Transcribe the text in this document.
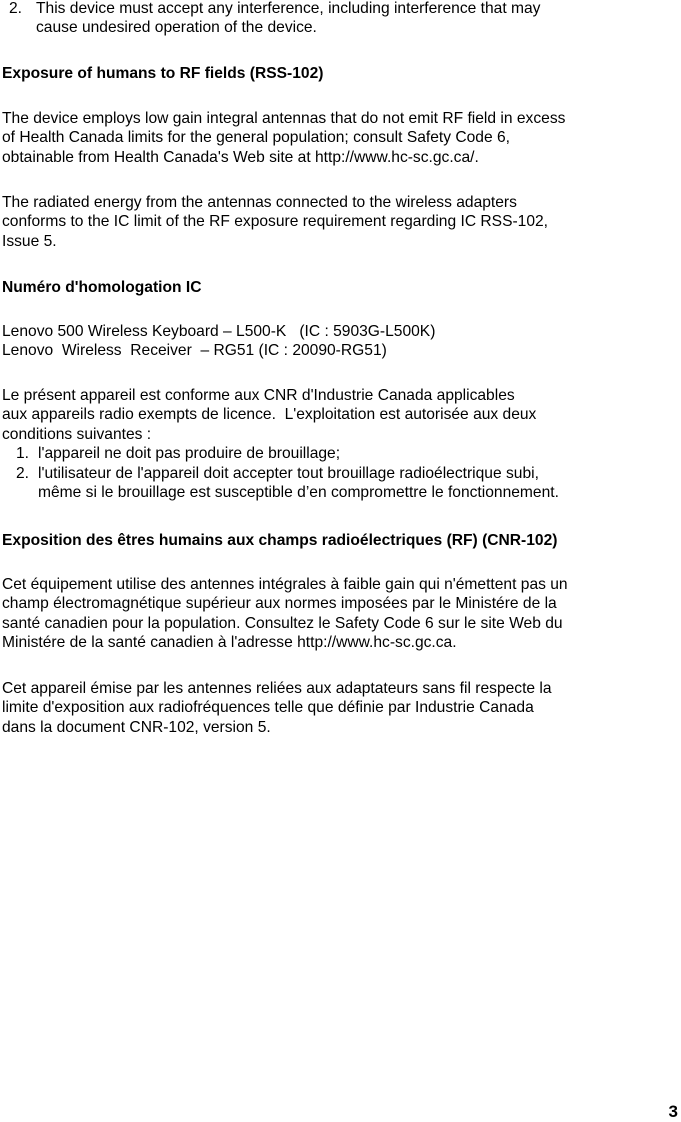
2. This device must accept any interference, including interference that may

cause undesired operation of the device.

Exposure of humans to RF fields (RSS-102)

The device employs low gain integral antennas that do not emit RF field in excess

of Health Canada limits for the general population; consult Safety Code 6,

obtainable from Health Canada's Web site at http://www.hc-sc.gc.ca/.

The radiated energy from the antennas connected to the wireless adapters

conforms to the IC limit of the RF exposure requirement regarding IC RSS-102,

Issue 5.

Numéro d'homologation IC

Lenovo 500 Wireless Keyboard – L500-K   (IC : 5903G-L500K)

Lenovo  Wireless  Receiver  – RG51 (IC : 20090-RG51)

Le présent appareil est conforme aux CNR d'Industrie Canada applicables

aux appareils radio exempts de licence.  L'exploitation est autorisée aux deux

conditions suivantes :

1. l'appareil ne doit pas produire de brouillage;

2. l'utilisateur de l'appareil doit accepter tout brouillage radioélectrique subi,

même si le brouillage est susceptible d’en compromettre le fonctionnement.

Exposition des êtres humains aux champs radioélectriques (RF) (CNR-102)

Cet équipement utilise des antennes intégrales à faible gain qui n'émettent pas un

champ électromagnétique supérieur aux normes imposées par le Ministére de la

santé canadien pour la population. Consultez le Safety Code 6 sur le site Web du

Ministére de la santé canadien à l'adresse http://www.hc-sc.gc.ca.

Cet appareil émise par les antennes reliées aux adaptateurs sans fil respecte la

limite d'exposition aux radiofréquences telle que définie par Industrie Canada

dans la document CNR-102, version 5.

3
